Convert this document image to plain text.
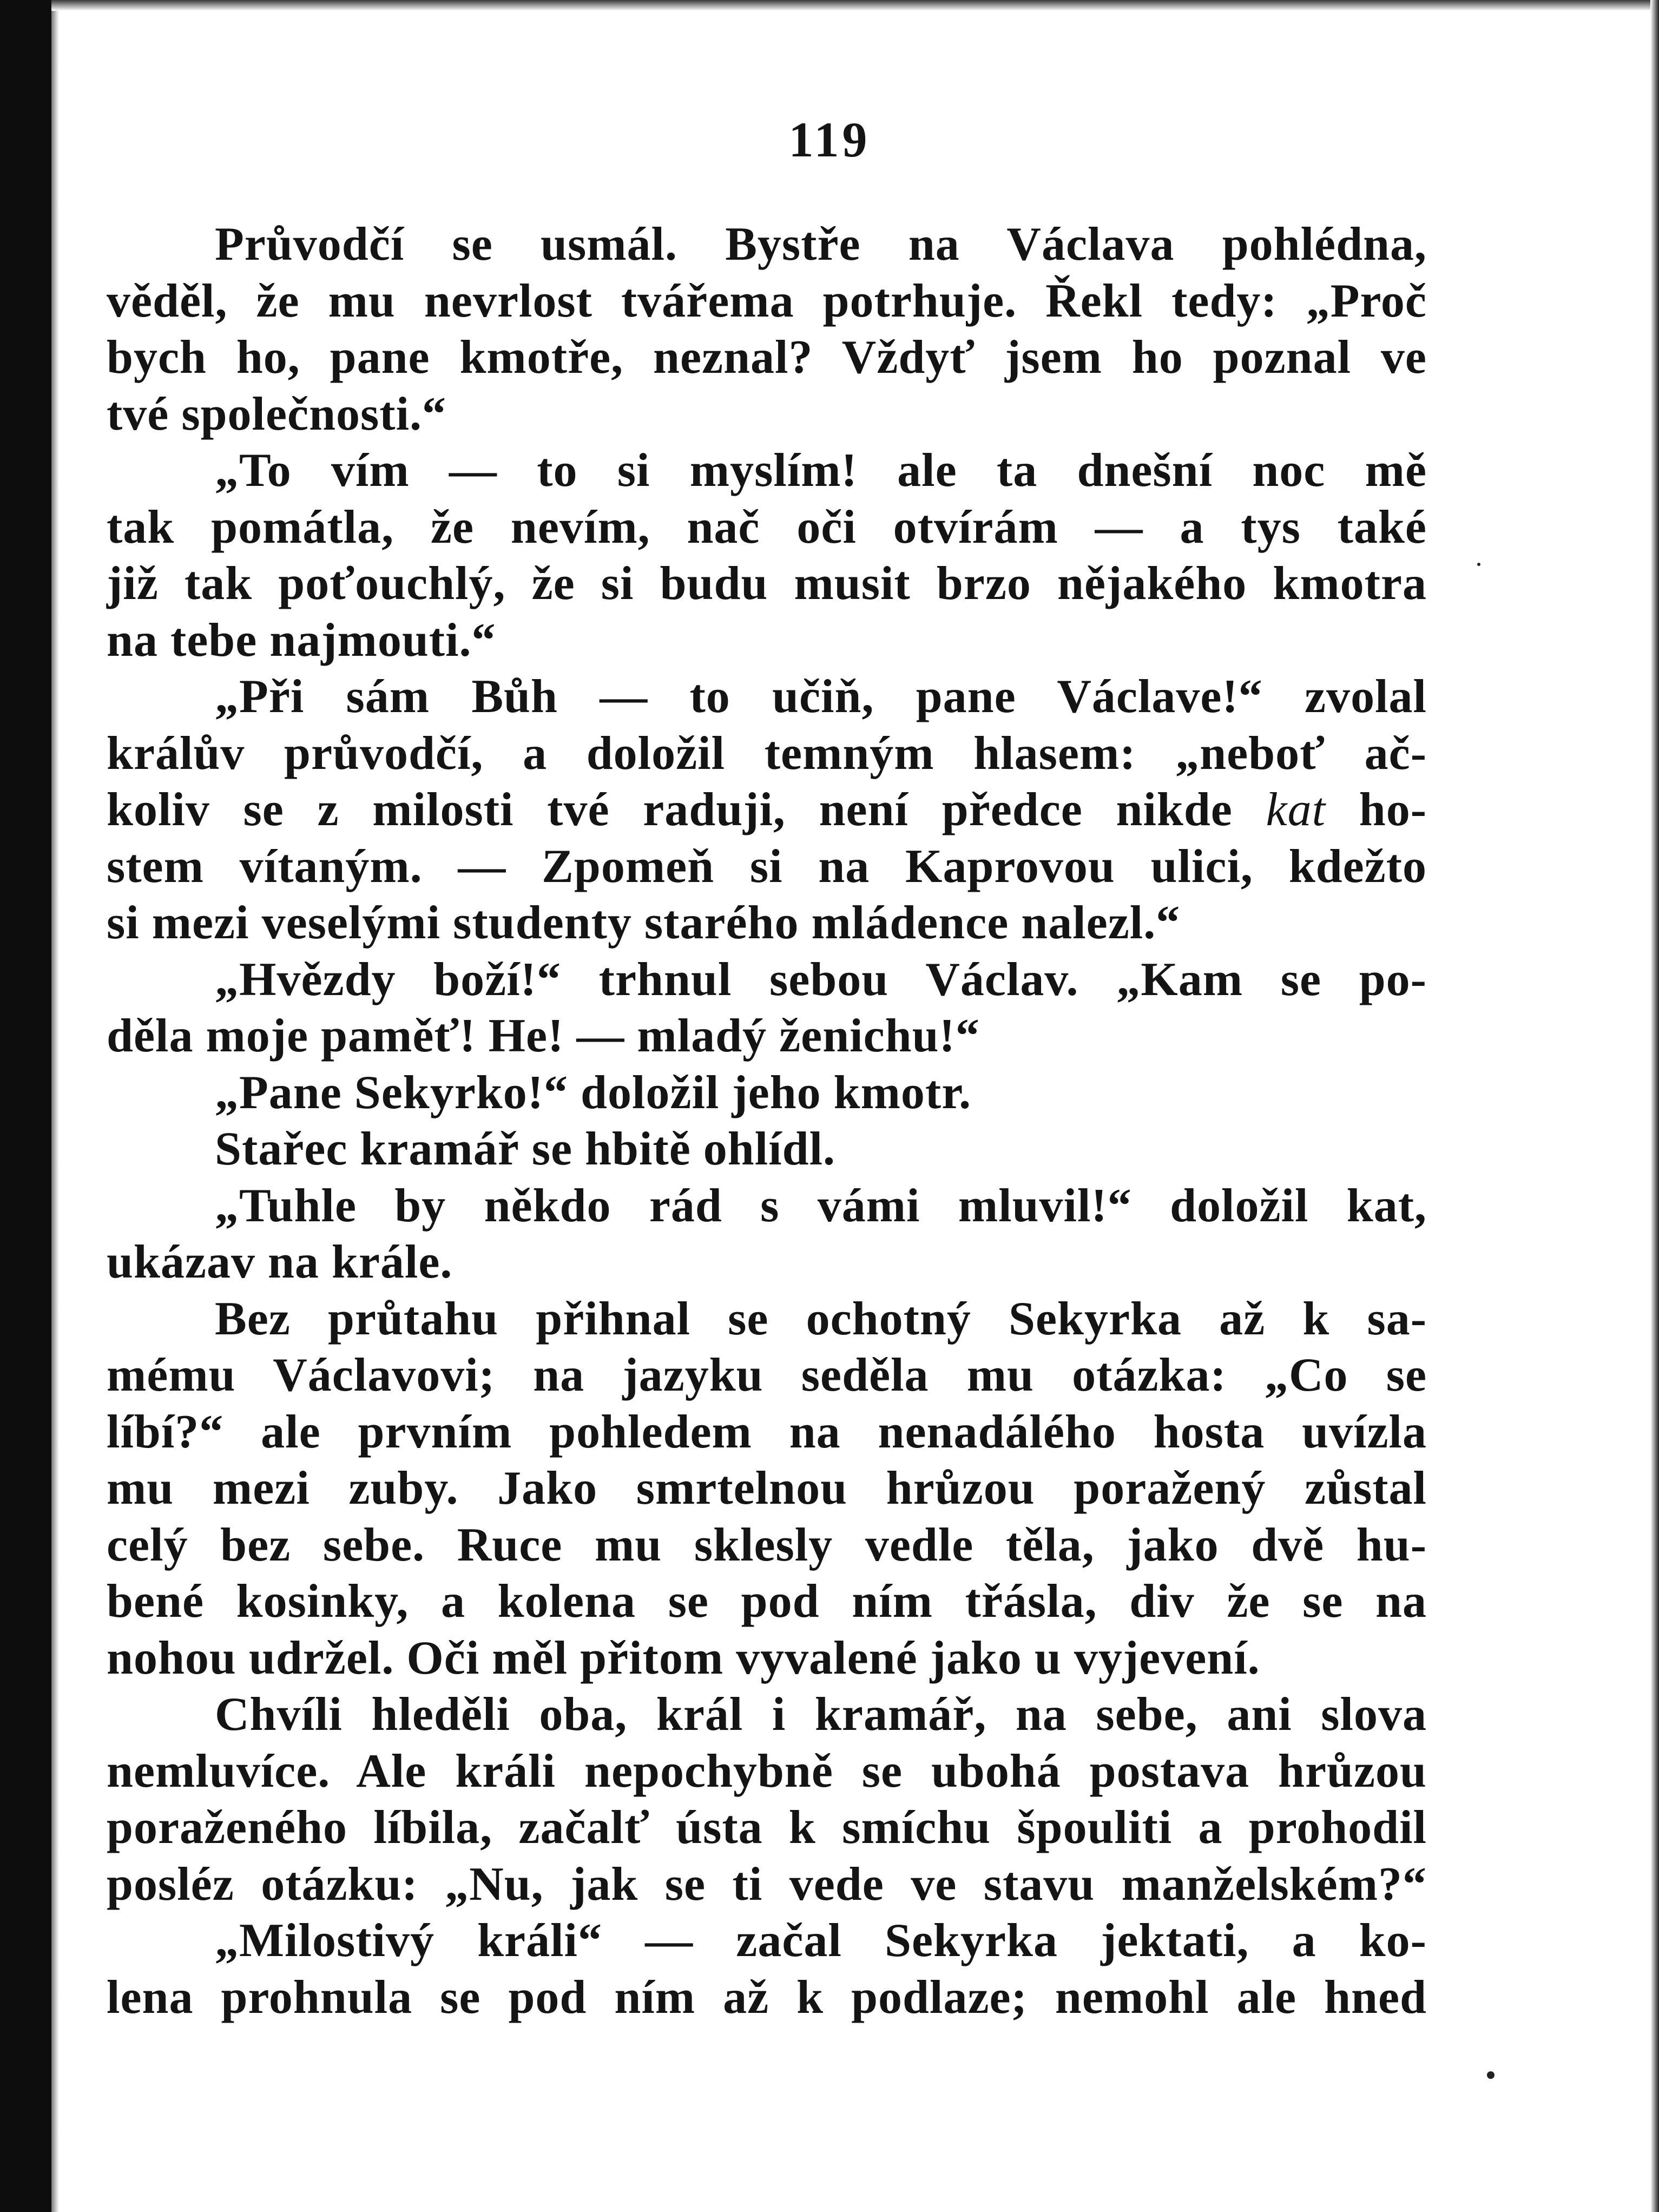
119
Průvodčí se usmál. Bystře na Václava pohlédna,
věděl, že mu nevrlost tvářema potrhuje. Řekl tedy: „Proč
bych ho, pane kmotře, neznal? Vždyť jsem ho poznal ve
tvé společnosti.“
„To vím — to si myslím! ale ta dnešní noc mě
tak pomátla, že nevím, nač oči otvírám — a tys také
již tak poťouchlý, že si budu musit brzo nějakého kmotra
na tebe najmouti.“
„Při sám Bůh — to učiň, pane Václave!“ zvolal
králův průvodčí, a doložil temným hlasem: „neboť ač-
koliv se z milosti tvé raduji, není předce nikde kat ho-
stem vítaným. — Zpomeň si na Kaprovou ulici, kdežto
si mezi veselými studenty starého mládence nalezl.“
„Hvězdy boží!“ trhnul sebou Václav. „Kam se po-
děla moje paměť! He! — mladý ženichu!“
„Pane Sekyrko!“ doložil jeho kmotr.
Stařec kramář se hbitě ohlídl.
„Tuhle by někdo rád s vámi mluvil!“ doložil kat,
ukázav na krále.
Bez průtahu přihnal se ochotný Sekyrka až k sa-
mému Václavovi; na jazyku seděla mu otázka: „Co se
líbí?“ ale prvním pohledem na nenadálého hosta uvízla
mu mezi zuby. Jako smrtelnou hrůzou poražený zůstal
celý bez sebe. Ruce mu sklesly vedle těla, jako dvě hu-
bené kosinky, a kolena se pod ním třásla, div že se na
nohou udržel. Oči měl přitom vyvalené jako u vyjevení.
Chvíli hleděli oba, král i kramář, na sebe, ani slova
nemluvíce. Ale králi nepochybně se ubohá postava hrůzou
poraženého líbila, začalť ústa k smíchu špouliti a prohodil
posléz otázku: „Nu, jak se ti vede ve stavu manželském?“
„Milostivý králi“ — začal Sekyrka jektati, a ko-
lena prohnula se pod ním až k podlaze; nemohl ale hned
